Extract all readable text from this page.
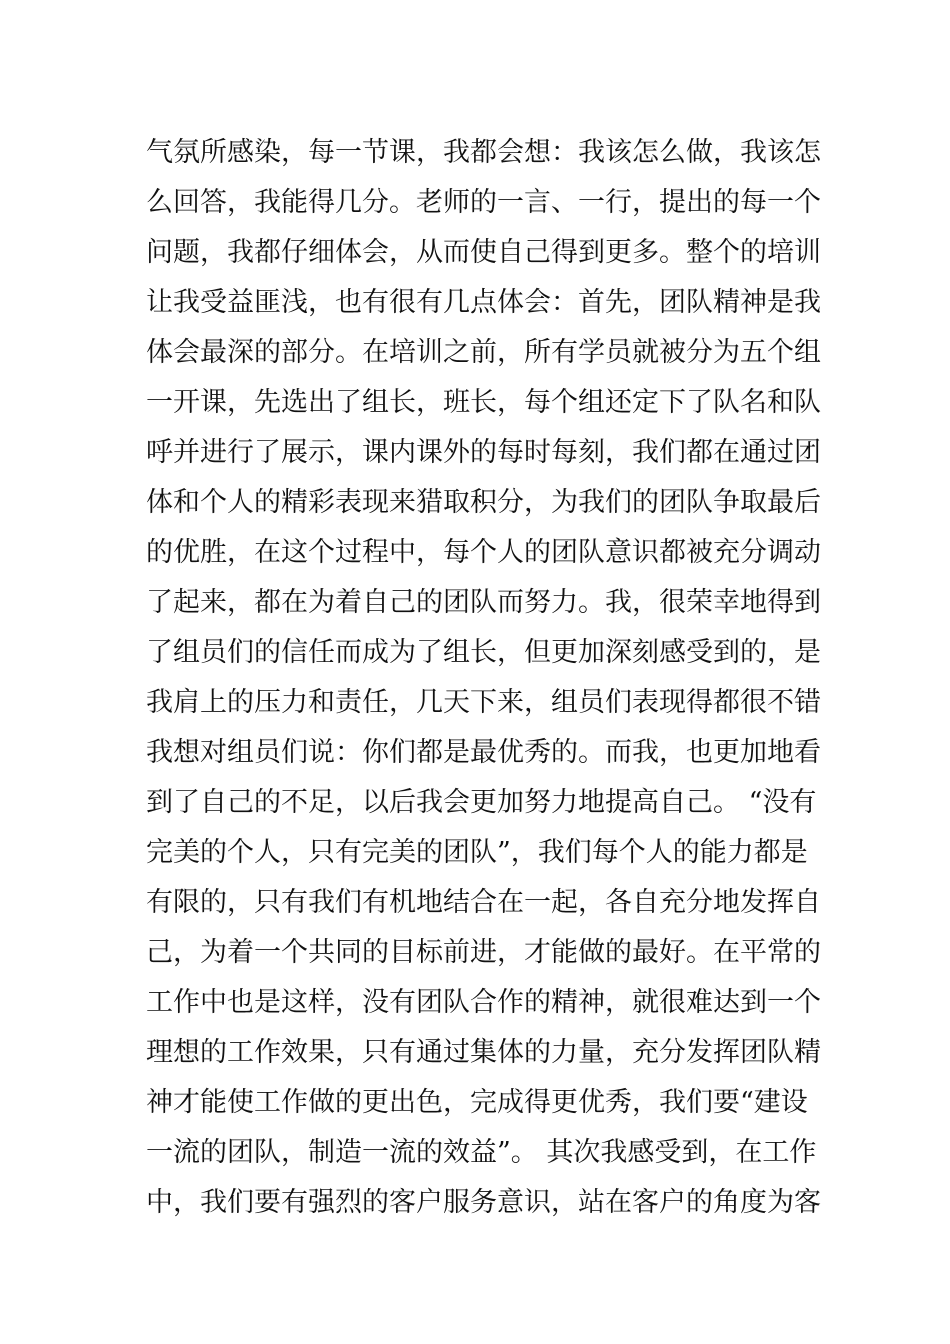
气氛所感染，每一节课，我都会想：我该怎么做，我该怎
么回答，我能得几分。老师的一言、一行，提出的每一个
问题，我都仔细体会，从而使自己得到更多。整个的培训
让我受益匪浅，也有很有几点体会：首先，团队精神是我
体会最深的部分。在培训之前，所有学员就被分为五个组
一开课，先选出了组长，班长，每个组还定下了队名和队
呼并进行了展示，课内课外的每时每刻，我们都在通过团
体和个人的精彩表现来猎取积分，为我们的团队争取最后
的优胜，在这个过程中，每个人的团队意识都被充分调动
了起来，都在为着自己的团队而努力。我，很荣幸地得到
了组员们的信任而成为了组长，但更加深刻感受到的，是
我肩上的压力和责任，几天下来，组员们表现得都很不错
我想对组员们说：你们都是最优秀的。而我，也更加地看
到了自己的不足，以后我会更加努力地提高自己。 “没有
完美的个人，只有完美的团队”，我们每个人的能力都是
有限的，只有我们有机地结合在一起，各自充分地发挥自
己，为着一个共同的目标前进，才能做的最好。在平常的
工作中也是这样，没有团队合作的精神，就很难达到一个
理想的工作效果，只有通过集体的力量，充分发挥团队精
神才能使工作做的更出色，完成得更优秀，我们要“建设
一流的团队，制造一流的效益”。 其次我感受到，在工作
中，我们要有强烈的客户服务意识，站在客户的角度为客
